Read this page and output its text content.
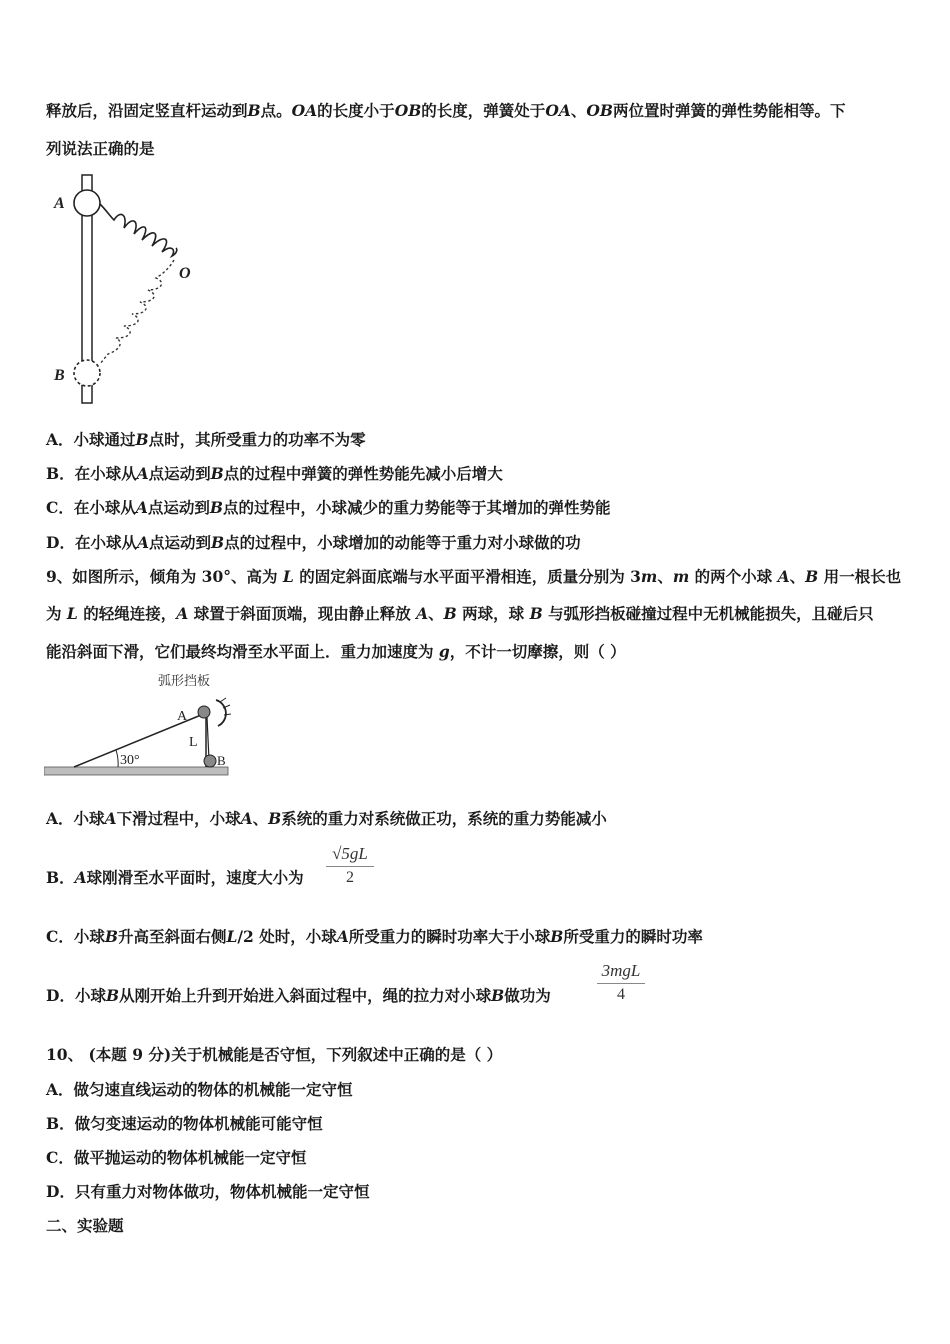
释放后，沿固定竖直杆运动到B点。OA的长度小于OB的长度，弹簧处于OA、OB两位置时弹簧的弹性势能相等。下
列说法正确的是
A
O
B
A．小球通过B点时，其所受重力的功率不为零
B．在小球从A点运动到B点的过程中弹簧的弹性势能先减小后增大
C．在小球从A点运动到B点的过程中，小球减少的重力势能等于其增加的弹性势能
D．在小球从A点运动到B点的过程中，小球增加的动能等于重力对小球做的功
9、如图所示，倾角为 30°、高为 L 的固定斜面底端与水平面平滑相连，质量分别为 3m、m 的两个小球 A、B 用一根长也
为 L 的轻绳连接，A 球置于斜面顶端，现由静止释放 A、B 两球，球 B 与弧形挡板碰撞过程中无机械能损失，且碰后只
能沿斜面下滑，它们最终均滑至水平面上．重力加速度为 g，不计一切摩擦，则（ ）
弧形挡板
30°
A
L
B
A．小球A下滑过程中，小球A、B系统的重力对系统做正功，系统的重力势能减小
B．A球刚滑至水平面时，速度大小为
√5gL
2
C．小球B升高至斜面右侧L/2 处时，小球A所受重力的瞬时功率大于小球B所受重力的瞬时功率
D．小球B从刚开始上升到开始进入斜面过程中，绳的拉力对小球B做功为
3mgL
4
10、 (本题 9 分)关于机械能是否守恒，下列叙述中正确的是（ ）
A．做匀速直线运动的物体的机械能一定守恒
B．做匀变速运动的物体机械能可能守恒
C．做平抛运动的物体机械能一定守恒
D．只有重力对物体做功，物体机械能一定守恒
二、实验题
